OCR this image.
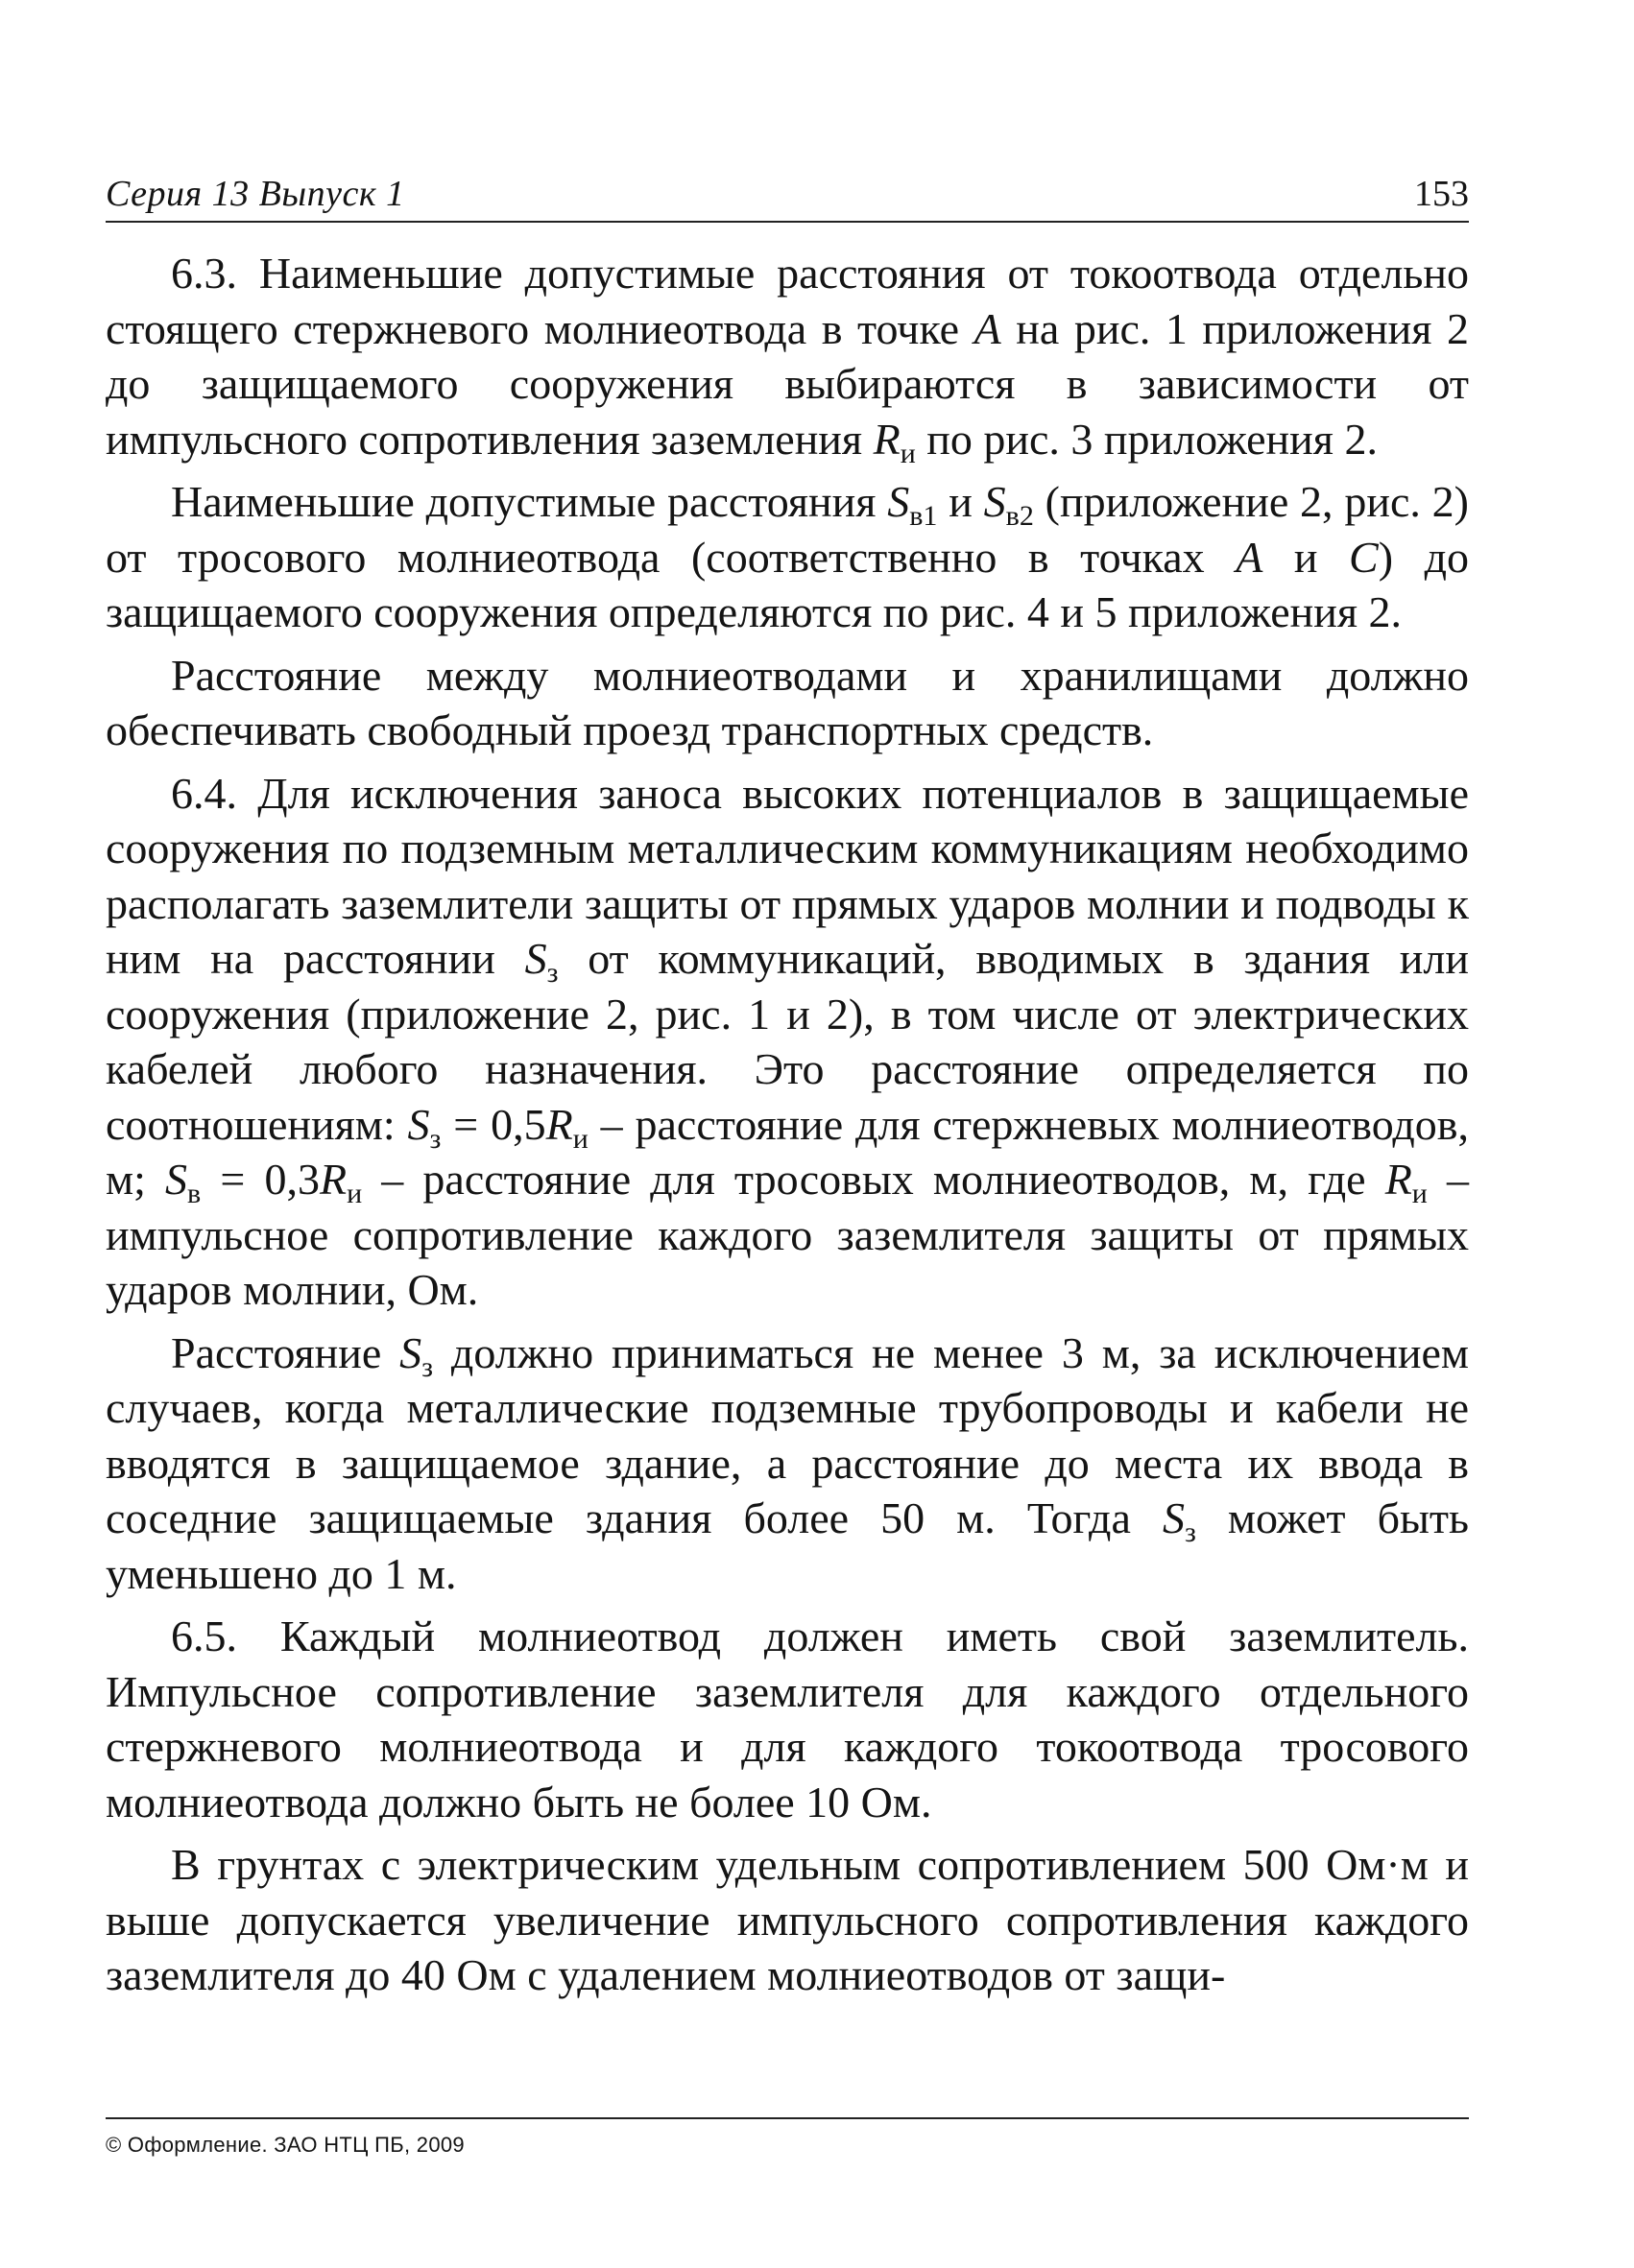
Серия 13 Выпуск 1	153

6.3. Наименьшие допустимые расстояния от токоотвода отдельно стоящего стержневого молниеотвода в точке A на рис. 1 приложения 2 до защищаемого сооружения выбираются в зависимости от импульсного сопротивления заземления $R_и$ по рис. 3 приложения 2.

Наименьшие допустимые расстояния $S_{в1}$ и $S_{в2}$ (приложение 2, рис. 2) от тросового молниеотвода (соответственно в точках A и C) до защищаемого сооружения определяются по рис. 4 и 5 приложения 2.

Расстояние между молниеотводами и хранилищами должно обеспечивать свободный проезд транспортных средств.

6.4. Для исключения заноса высоких потенциалов в защищаемые сооружения по подземным металлическим коммуникациям необходимо располагать заземлители защиты от прямых ударов молнии и подводы к ним на расстоянии $S_з$ от коммуникаций, вводимых в здания или сооружения (приложение 2, рис. 1 и 2), в том числе от электрических кабелей любого назначения. Это расстояние определяется по соотношениям: $S_з = 0,5R_и$ – расстояние для стержневых молниеотводов, м; $S_в = 0,3R_и$ – расстояние для тросовых молниеотводов, м, где $R_и$ – импульсное сопротивление каждого заземлителя защиты от прямых ударов молнии, Ом.

Расстояние $S_з$ должно приниматься не менее 3 м, за исключением случаев, когда металлические подземные трубопроводы и кабели не вводятся в защищаемое здание, а расстояние до места их ввода в соседние защищаемые здания более 50 м. Тогда $S_з$ может быть уменьшено до 1 м.

6.5. Каждый молниеотвод должен иметь свой заземлитель. Импульсное сопротивление заземлителя для каждого отдельного стержневого молниеотвода и для каждого токоотвода тросового молниеотвода должно быть не более 10 Ом.

В грунтах с электрическим удельным сопротивлением 500 Ом·м и выше допускается увеличение импульсного сопротивления каждого заземлителя до 40 Ом с удалением молниеотводов от защи-

© Оформление. ЗАО НТЦ ПБ, 2009
